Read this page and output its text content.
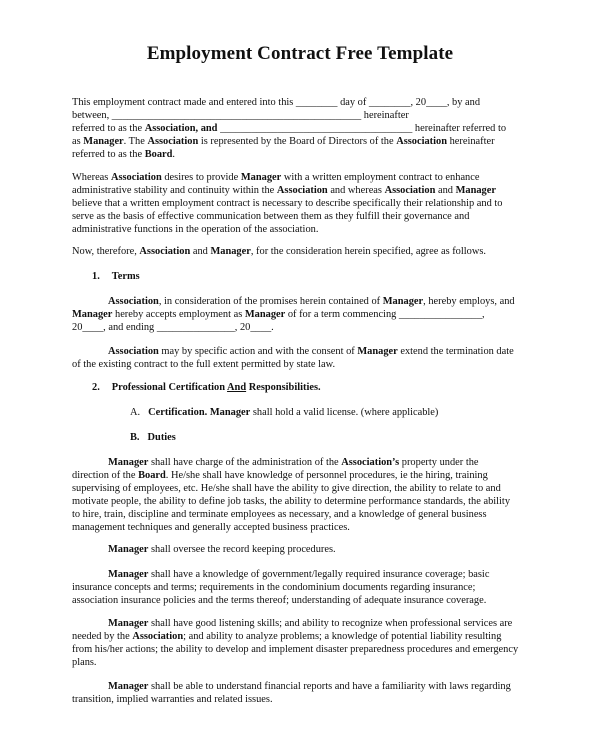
Employment Contract Free Template
This employment contract made and entered into this ________ day of ________, 20____, by and
between, ________________________________________________ hereinafter
referred to as the Association, and _____________________________________ hereinafter referred to
as Manager. The Association is represented by the Board of Directors of the Association hereinafter
referred to as the Board.
Whereas Association desires to provide Manager with a written employment contract to enhance
administrative stability and continuity within the Association and whereas Association and Manager
believe that a written employment contract is necessary to describe specifically their relationship and to
serve as the basis of effective communication between them as they fulfill their governance and
administrative functions in the operation of the association.
Now, therefore, Association and Manager, for the consideration herein specified, agree as follows.
1. Terms
Association, in consideration of the promises herein contained of Manager, hereby employs, and
Manager hereby accepts employment as Manager of for a term commencing ________________,
20____, and ending _______________, 20____.
Association may by specific action and with the consent of Manager extend the termination date
of the existing contract to the full extent permitted by state law.
2. Professional Certification And Responsibilities.
A. Certification. Manager shall hold a valid license. (where applicable)
B. Duties
Manager shall have charge of the administration of the Association’s property under the
direction of the Board. He/she shall have knowledge of personnel procedures, ie the hiring, training
supervising of employees, etc. He/she shall have the ability to give direction, the ability to relate to and
motivate people, the ability to define job tasks, the ability to determine performance standards, the ability
to hire, train, discipline and terminate employees as necessary, and a knowledge of general business
management techniques and generally accepted business practices.
Manager shall oversee the record keeping procedures.
Manager shall have a knowledge of government/legally required insurance coverage; basic
insurance concepts and terms; requirements in the condominium documents regarding insurance;
association insurance policies and the terms thereof; understanding of adequate insurance coverage.
Manager shall have good listening skills; and ability to recognize when professional services are
needed by the Association; and ability to analyze problems; a knowledge of potential liability resulting
from his/her actions; the ability to develop and implement disaster preparedness procedures and emergency
plans.
Manager shall be able to understand financial reports and have a familiarity with laws regarding
transition, implied warranties and related issues.
